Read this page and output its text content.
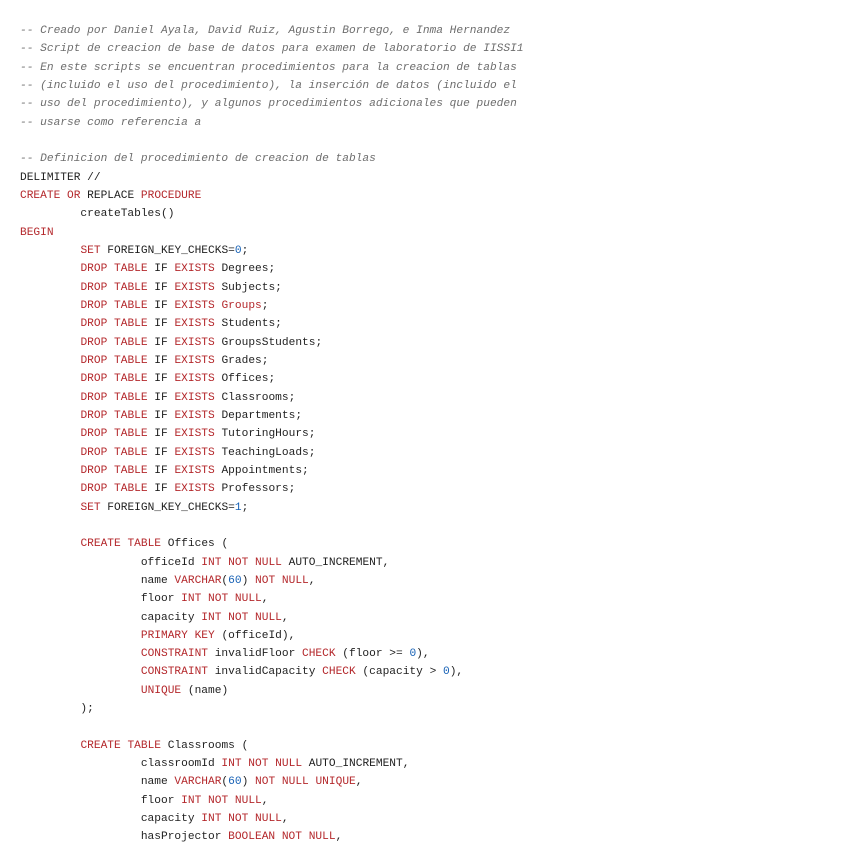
-- Creado por Daniel Ayala, David Ruiz, Agustin Borrego, e Inma Hernandez
-- Script de creacion de base de datos para examen de laboratorio de IISSI1
-- En este scripts se encuentran procedimientos para la creacion de tablas
-- (incluido el uso del procedimiento), la inserción de datos (incluido el
-- uso del procedimiento), y algunos procedimientos adicionales que pueden
-- usarse como referencia a
-- Definicion del procedimiento de creacion de tablas
DELIMITER //
CREATE OR REPLACE PROCEDURE
createTables()
BEGIN
SET FOREIGN_KEY_CHECKS=0;
DROP TABLE IF EXISTS Degrees;
DROP TABLE IF EXISTS Subjects;
DROP TABLE IF EXISTS Groups;
DROP TABLE IF EXISTS Students;
DROP TABLE IF EXISTS GroupsStudents;
DROP TABLE IF EXISTS Grades;
DROP TABLE IF EXISTS Offices;
DROP TABLE IF EXISTS Classrooms;
DROP TABLE IF EXISTS Departments;
DROP TABLE IF EXISTS TutoringHours;
DROP TABLE IF EXISTS TeachingLoads;
DROP TABLE IF EXISTS Appointments;
DROP TABLE IF EXISTS Professors;
SET FOREIGN_KEY_CHECKS=1;
CREATE TABLE Offices (
officeId INT NOT NULL AUTO_INCREMENT,
name VARCHAR(60) NOT NULL,
floor INT NOT NULL,
capacity INT NOT NULL,
PRIMARY KEY (officeId),
CONSTRAINT invalidFloor CHECK (floor >= 0),
CONSTRAINT invalidCapacity CHECK (capacity > 0),
UNIQUE (name)
);
CREATE TABLE Classrooms (
classroomId INT NOT NULL AUTO_INCREMENT,
name VARCHAR(60) NOT NULL UNIQUE,
floor INT NOT NULL,
capacity INT NOT NULL,
hasProjector BOOLEAN NOT NULL,
